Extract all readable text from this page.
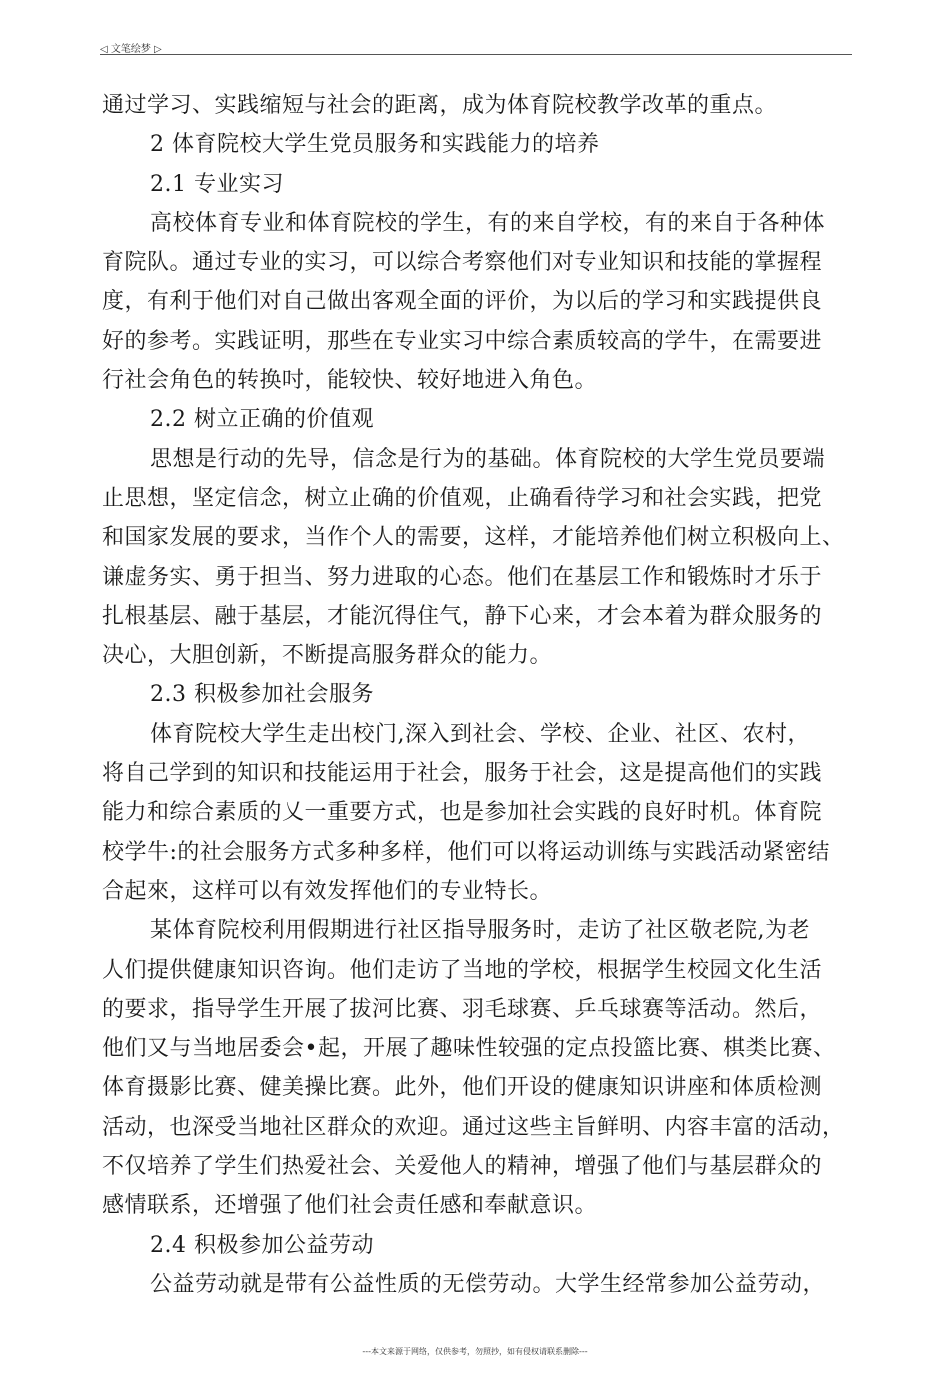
◁ 文笔绘梦 ▷
通过学习、实践缩短与社会的距离，成为体育院校教学改革的重点。
2 体育院校大学生党员服务和实践能力的培养
2.1 专业实习
高校体育专业和体育院校的学生，有的来自学校，有的来自于各种体
育院队。通过专业的实习，可以综合考察他们对专业知识和技能的掌握程
度，有利于他们对自己做出客观全面的评价，为以后的学习和实践提供良
好的参考。实践证明，那些在专业实习中综合素质较高的学牛，在需要进
行社会角色的转换吋，能较快、较好地进入角色。
2.2 树立正确的价值观
思想是行动的先导，信念是行为的基础。体育院校的大学生党员要端
止思想，坚定信念，树立止确的价值观，止确看待学习和社会实践，把党
和国家发展的要求，当作个人的需要，这样，才能培养他们树立积极向上、
谦虚务实、勇于担当、努力进取的心态。他们在基层工作和锻炼时才乐于
扎根基层、融于基层，才能沉得住气，静下心来，才会本着为群众服务的
决心，大胆创新，不断提高服务群众的能力。
2.3 积极参加社会服务
体育院校大学生走出校门,深入到社会、学校、企业、社区、农村，
将自己学到的知识和技能运用于社会，服务于社会，这是提高他们的实践
能力和综合素质的乂一重要方式，也是参加社会实践的良好时机。体育院
校学牛:的社会服务方式多种多样，他们可以将运动训练与实践活动紧密结
合起來，这样可以有效发挥他们的专业特长。
某体育院校利用假期进行社区指导服务时，走访了社区敬老院,为老
人们提供健康知识咨询。他们走访了当地的学校，根据学生校园文化生活
的要求，指导学生开展了拔河比赛、羽毛球赛、乒乓球赛等活动。然后，
他们又与当地居委会•起，开展了趣味性较强的定点投篮比赛、棋类比赛、
体育摄影比赛、健美操比赛。此外，他们开设的健康知识讲座和体质检测
活动，也深受当地社区群众的欢迎。通过这些主旨鲜明、内容丰富的活动，
不仅培养了学生们热爱社会、关爱他人的精神，增强了他们与基层群众的
感情联系，还增强了他们社会责任感和奉献意识。
2.4 积极参加公益劳动
公益劳动就是带有公益性质的无偿劳动。大学生经常参加公益劳动，
---本文来源于网络，仅供参考，勿照抄，如有侵权请联系删除---
